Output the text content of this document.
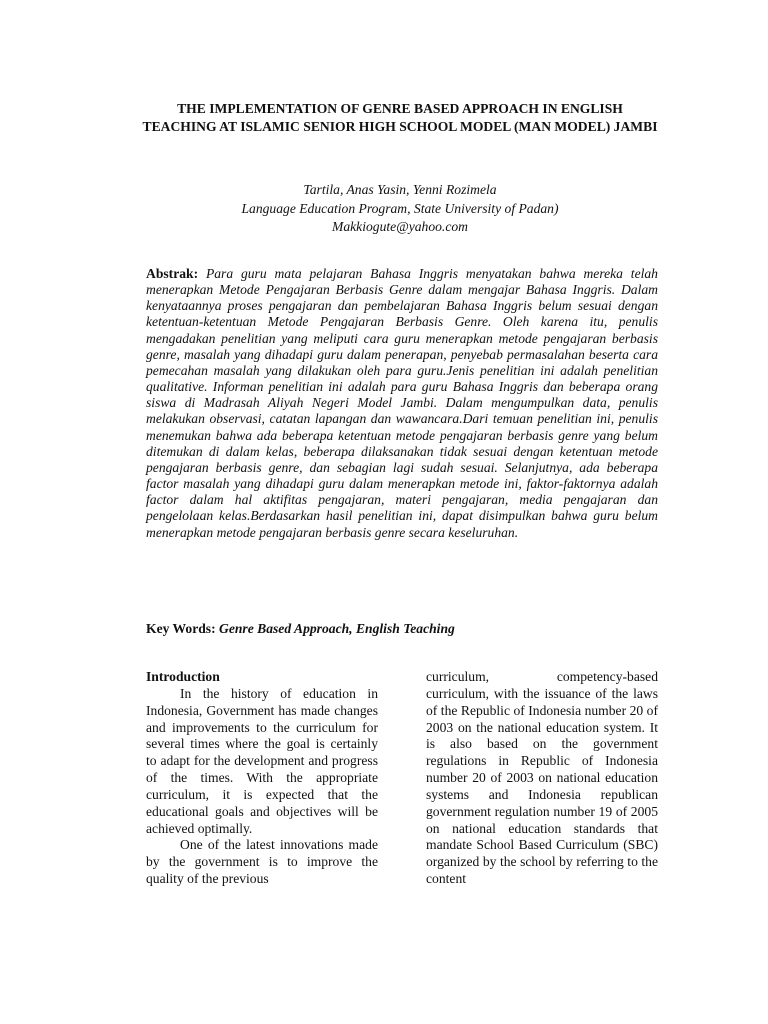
THE IMPLEMENTATION OF GENRE BASED APPROACH IN ENGLISH TEACHING AT ISLAMIC SENIOR HIGH SCHOOL MODEL (MAN MODEL) JAMBI
Tartila, Anas Yasin, Yenni Rozimela
Language Education Program, State University of Padan)
Makkiogute@yahoo.com

Abstrak: Para guru mata pelajaran Bahasa Inggris menyatakan bahwa mereka telah menerapkan Metode Pengajaran Berbasis Genre dalam mengajar Bahasa Inggris. Dalam kenyataannya proses pengajaran dan pembelajaran Bahasa Inggris belum sesuai dengan ketentuan-ketentuan Metode Pengajaran Berbasis Genre. Oleh karena itu, penulis mengadakan penelitian yang meliputi cara guru menerapkan metode pengajaran berbasis genre, masalah yang dihadapi guru dalam penerapan, penyebab permasalahan beserta cara pemecahan masalah yang dilakukan oleh para guru.Jenis penelitian ini adalah penelitian qualitative. Informan penelitian ini adalah para guru Bahasa Inggris dan beberapa orang siswa di Madrasah Aliyah Negeri Model Jambi. Dalam mengumpulkan data, penulis melakukan observasi, catatan lapangan dan wawancara.Dari temuan penelitian ini, penulis menemukan bahwa ada beberapa ketentuan metode pengajaran berbasis genre yang belum ditemukan di dalam kelas, beberapa dilaksanakan tidak sesuai dengan ketentuan metode pengajaran berbasis genre, dan sebagian lagi sudah sesuai. Selanjutnya, ada beberapa factor masalah yang dihadapi guru dalam menerapkan metode ini, faktor-faktornya adalah factor dalam hal aktifitas pengajaran, materi pengajaran, media pengajaran dan pengelolaan kelas.Berdasarkan hasil penelitian ini, dapat disimpulkan bahwa guru belum menerapkan metode pengajaran berbasis genre secara keseluruhan.

Key Words: Genre Based Approach, English Teaching

Introduction

In the history of education in Indonesia, Government has made changes and improvements to the curriculum for several times where the goal is certainly to adapt for the development and progress of the times. With the appropriate curriculum, it is expected that the educational goals and objectives will be achieved optimally.

One of the latest innovations made by the government is to improve the quality of the previous

curriculum, competency-based curriculum, with the issuance of the laws of the Republic of Indonesia number 20 of 2003 on the national education system. It is also based on the government regulations in Republic of Indonesia number 20 of 2003 on national education systems and Indonesia republican government regulation number 19 of 2005 on national education standards that mandate School Based Curriculum (SBC) organized by the school by referring to the content
